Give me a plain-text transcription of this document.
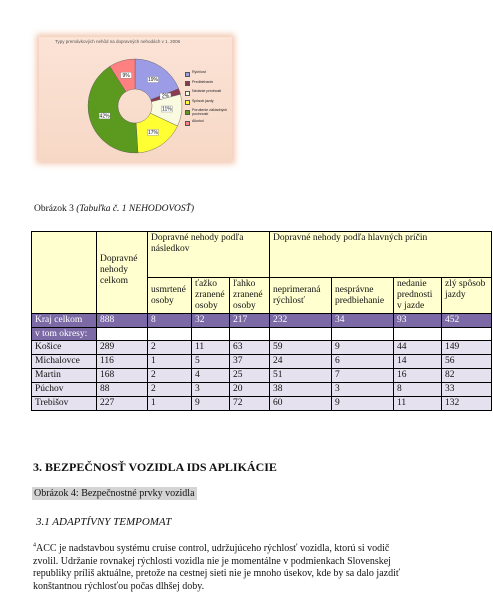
Typy premávkových nehôd na dopravných nehodách v 1. 2006
19%
2%
11%
17%
42%
9%
Rýchlosť
Predbiehanie
Nedanie prednosti
Spôsob jazdy
Porušenie základných povinností
Alkohol
Obrázok 3 (Tabuľka č. 1 NEHODOVOSŤ)
	Dopravné nehody celkom	Dopravné nehody podľa následkov			Dopravné nehody podľa hlavných príčin			
		usmrtené osoby	ťažko zranené osoby	ľahko zranené osoby	neprimeraná rýchlosť	nesprávne predbiehanie	nedanie prednosti v jazde	zlý spôsob jazdy
Kraj celkom	888	8	32	217	232	34	93	452
v tom okresy:								
Košice	289	2	11	63	59	9	44	149
Michalovce	116	1	5	37	24	6	14	56
Martin	168	2	4	25	51	7	16	82
Púchov	88	2	3	20	38	3	8	33
Trebišov	227	1	9	72	60	9	11	132
3. BEZPEČNOSŤ VOZIDLA IDS APLIKÁCIE
Obrázok 4: Bezpečnostné prvky vozidla
3.1 ADAPTÍVNY TEMPOMAT
$^4$ACC je nadstavbou systému cruise control, udržujúceho rýchlosť vozidla, ktorú si vodič
zvolil. Udržanie rovnakej rýchlosti vozidla nie je momentálne v podmienkach Slovenskej
republiky príliš aktuálne, pretože na cestnej sieti nie je mnoho úsekov, kde by sa dalo jazdiť
konštantnou rýchlosťou počas dlhšej doby.
